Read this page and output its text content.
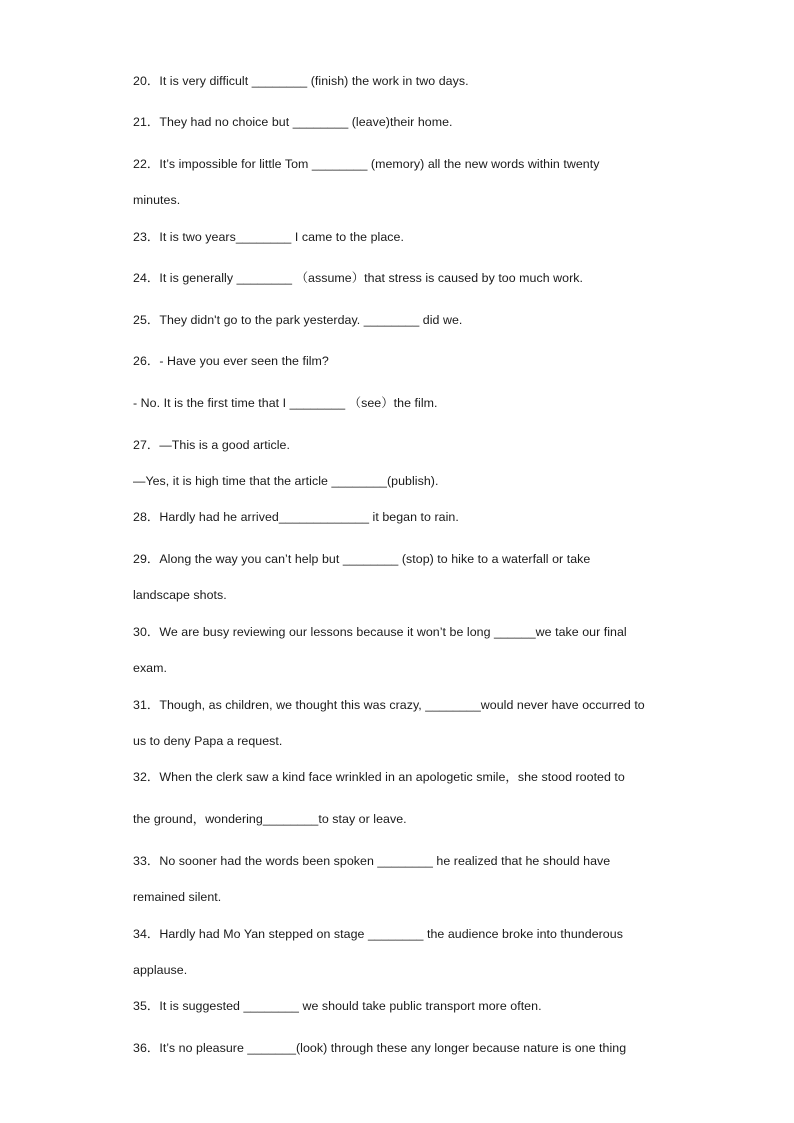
20．It is very difficult ________ (finish) the work in two days.
21．They had no choice but ________ (leave)their home.
22．It’s impossible for little Tom ________ (memory) all the new words within twenty
minutes.
23．It is two years________ I came to the place.
24．It is generally ________ （assume）that stress is caused by too much work.
25．They didn't go to the park yesterday. ________ did we.
26．- Have you ever seen the film?
- No. It is the first time that I ________ （see）the film.
27．—This is a good article.
—Yes, it is high time that the article ________(publish).
28．Hardly had he arrived_____________ it began to rain.
29．Along the way you can’t help but ________ (stop) to hike to a waterfall or take
landscape shots.
30．We are busy reviewing our lessons because it won’t be long ______we take our final
exam.
31．Though, as children, we thought this was crazy, ________would never have occurred to
us to deny Papa a request.
32．When the clerk saw a kind face wrinkled in an apologetic smile，she stood rooted to
the ground，wondering________to stay or leave.
33．No sooner had the words been spoken ________ he realized that he should have
remained silent.
34．Hardly had Mo Yan stepped on stage ________ the audience broke into thunderous
applause.
35．It is suggested ________ we should take public transport more often.
36．It’s no pleasure _______(look) through these any longer because nature is one thing
